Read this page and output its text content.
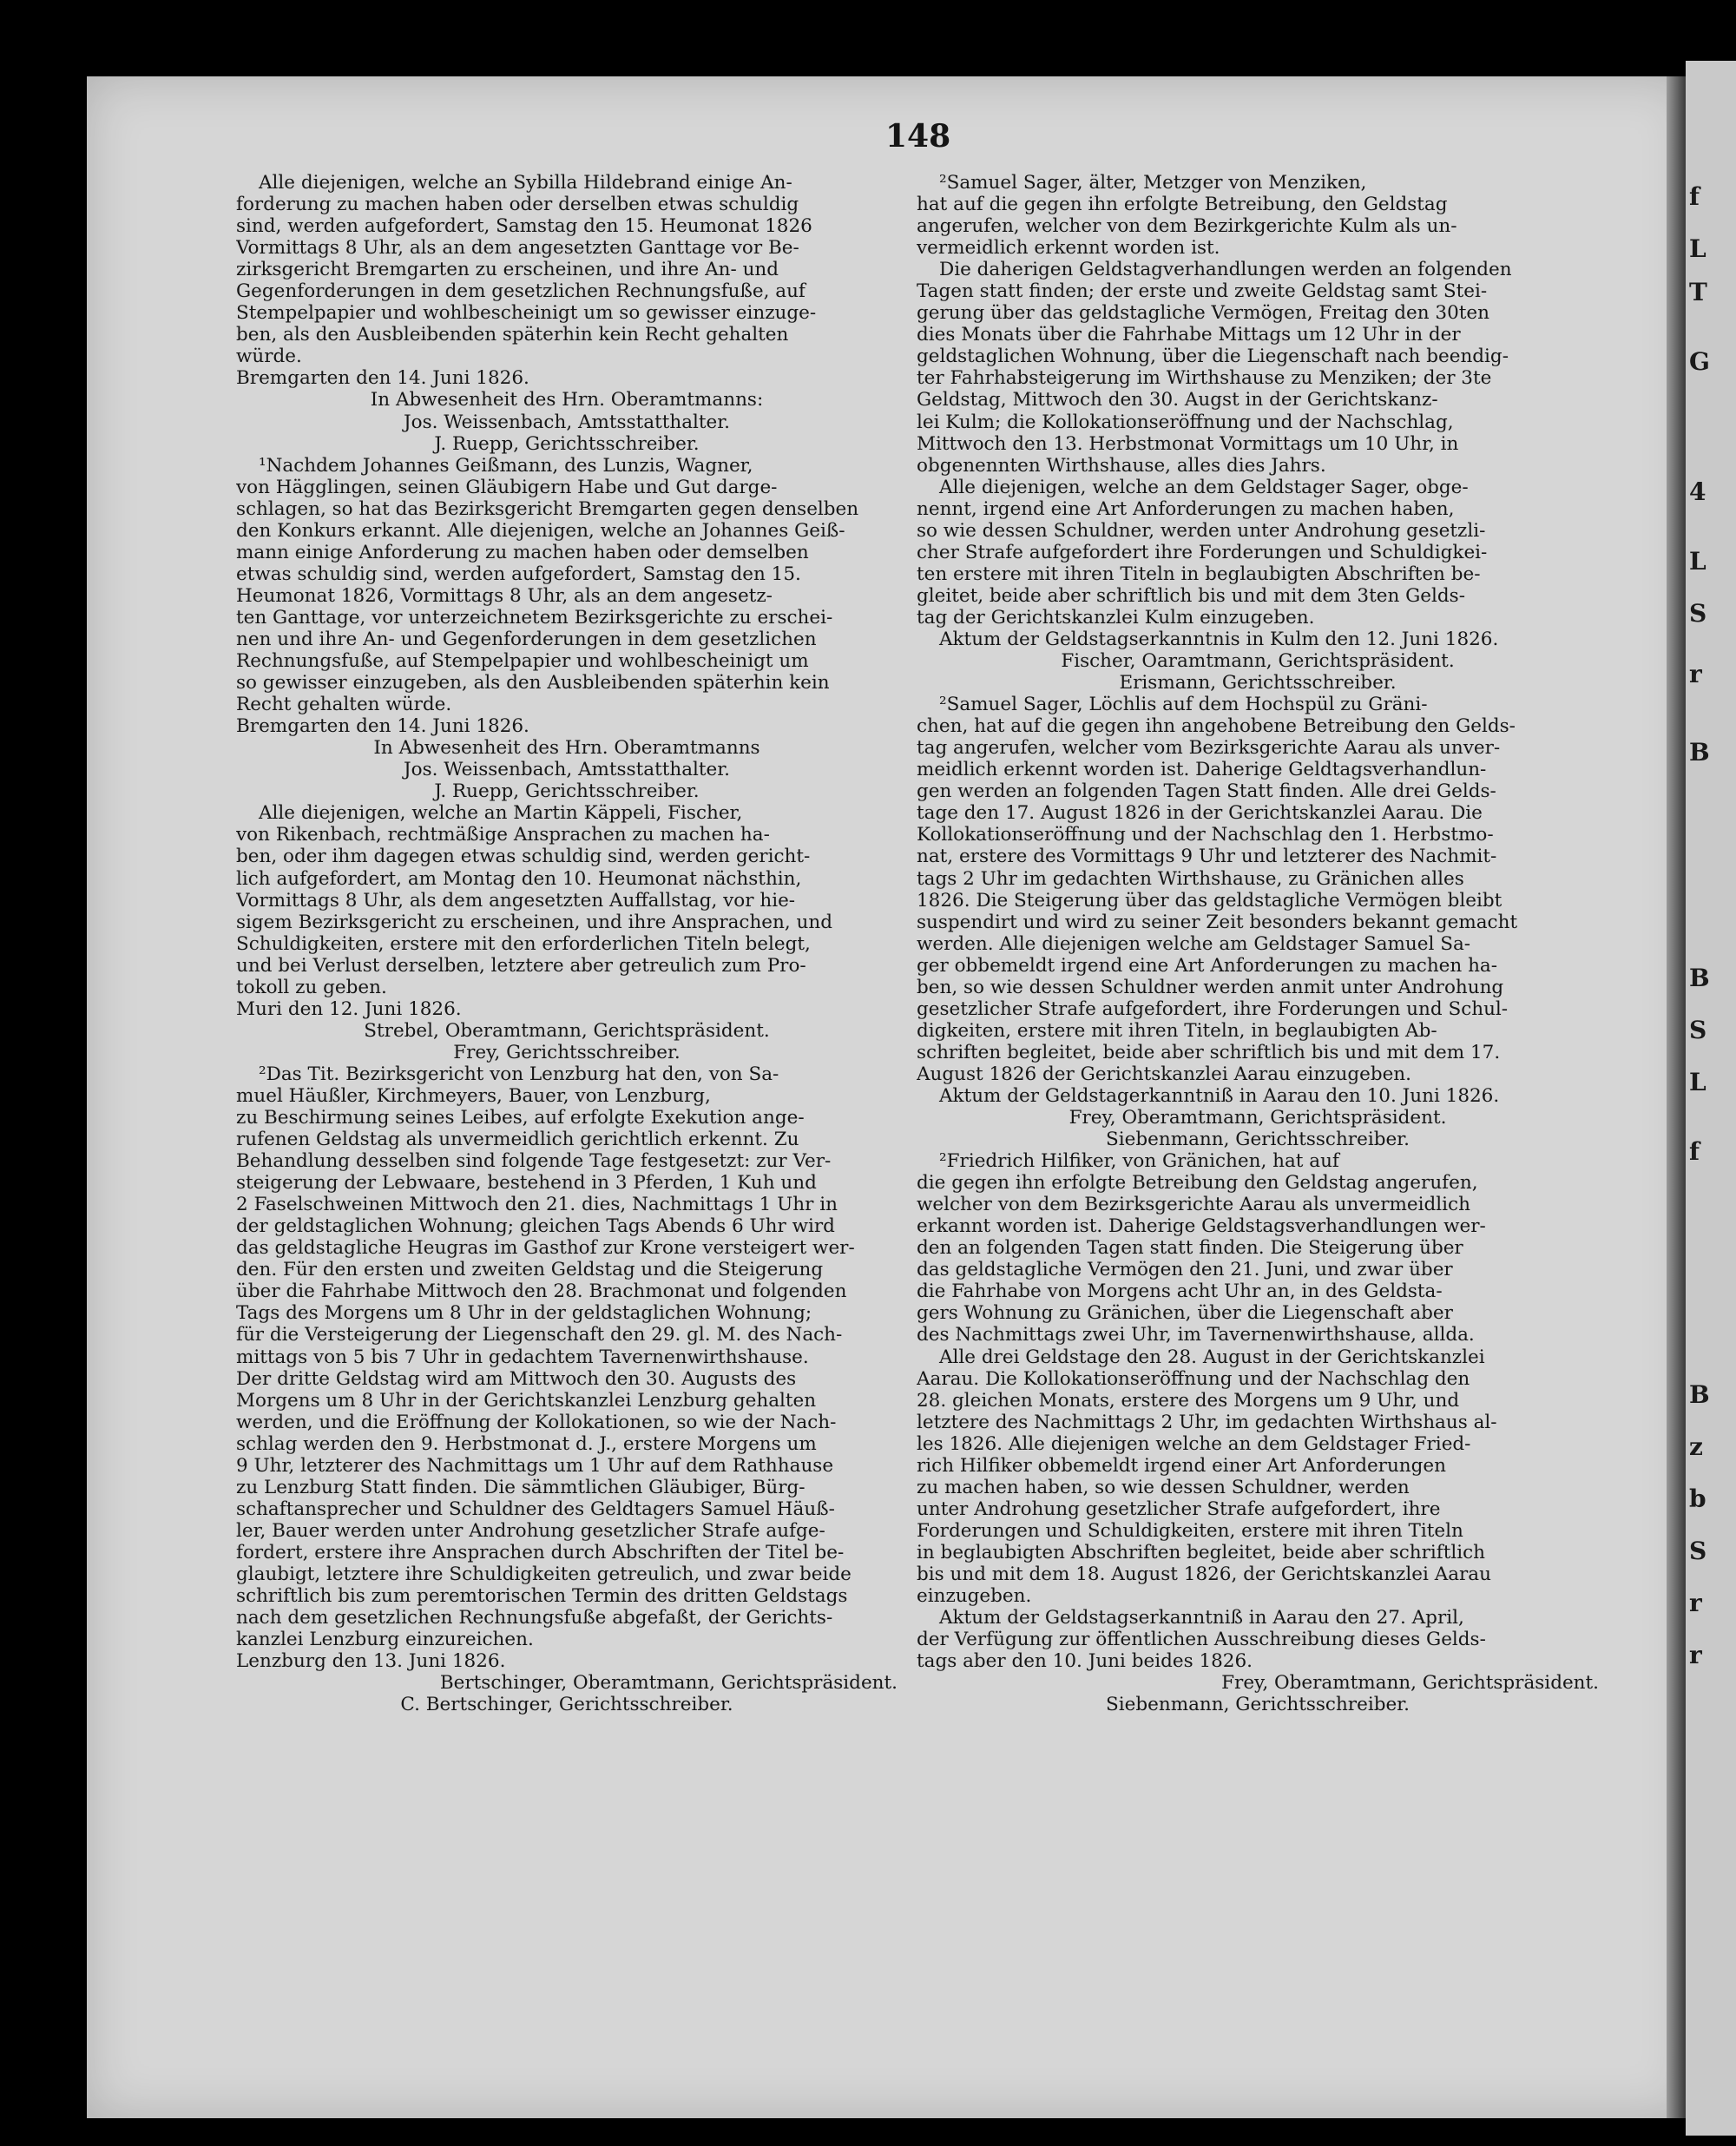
f
L
T
G
4
L
S
r
B
B
S
L
f
B
z
b
S
r
r
148
Alle diejenigen, welche an Sybilla Hildebrand einige An-
forderung zu machen haben oder derselben etwas schuldig
sind, werden aufgefordert, Samstag den 15. Heumonat 1826
Vormittags 8 Uhr, als an dem angesetzten Ganttage vor Be-
zirksgericht Bremgarten zu erscheinen, und ihre An- und
Gegenforderungen in dem gesetzlichen Rechnungsfuße, auf
Stempelpapier und wohlbescheinigt um so gewisser einzuge-
ben, als den Ausbleibenden späterhin kein Recht gehalten
würde.
Bremgarten den 14. Juni 1826.
In Abwesenheit des Hrn. Oberamtmanns:
Jos. Weissenbach, Amtsstatthalter.
J. Ruepp, Gerichtsschreiber.
¹Nachdem Johannes Geißmann, des Lunzis, Wagner,
von Hägglingen, seinen Gläubigern Habe und Gut darge-
schlagen, so hat das Bezirksgericht Bremgarten gegen denselben
den Konkurs erkannt. Alle diejenigen, welche an Johannes Geiß-
mann einige Anforderung zu machen haben oder demselben
etwas schuldig sind, werden aufgefordert, Samstag den 15.
Heumonat 1826, Vormittags 8 Uhr, als an dem angesetz-
ten Ganttage, vor unterzeichnetem Bezirksgerichte zu erschei-
nen und ihre An- und Gegenforderungen in dem gesetzlichen
Rechnungsfuße, auf Stempelpapier und wohlbescheinigt um
so gewisser einzugeben, als den Ausbleibenden späterhin kein
Recht gehalten würde.
Bremgarten den 14. Juni 1826.
In Abwesenheit des Hrn. Oberamtmanns
Jos. Weissenbach, Amtsstatthalter.
J. Ruepp, Gerichtsschreiber.
Alle diejenigen, welche an Martin Käppeli, Fischer,
von Rikenbach, rechtmäßige Ansprachen zu machen ha-
ben, oder ihm dagegen etwas schuldig sind, werden gericht-
lich aufgefordert, am Montag den 10. Heumonat nächsthin,
Vormittags 8 Uhr, als dem angesetzten Auffallstag, vor hie-
sigem Bezirksgericht zu erscheinen, und ihre Ansprachen, und
Schuldigkeiten, erstere mit den erforderlichen Titeln belegt,
und bei Verlust derselben, letztere aber getreulich zum Pro-
tokoll zu geben.
Muri den 12. Juni 1826.
Strebel, Oberamtmann, Gerichtspräsident.
Frey, Gerichtsschreiber.
²Das Tit. Bezirksgericht von Lenzburg hat den, von Sa-
muel Häußler, Kirchmeyers, Bauer, von Lenzburg,
zu Beschirmung seines Leibes, auf erfolgte Exekution ange-
rufenen Geldstag als unvermeidlich gerichtlich erkennt. Zu
Behandlung desselben sind folgende Tage festgesetzt: zur Ver-
steigerung der Lebwaare, bestehend in 3 Pferden, 1 Kuh und
2 Faselschweinen Mittwoch den 21. dies, Nachmittags 1 Uhr in
der geldstaglichen Wohnung; gleichen Tags Abends 6 Uhr wird
das geldstagliche Heugras im Gasthof zur Krone versteigert wer-
den. Für den ersten und zweiten Geldstag und die Steigerung
über die Fahrhabe Mittwoch den 28. Brachmonat und folgenden
Tags des Morgens um 8 Uhr in der geldstaglichen Wohnung;
für die Versteigerung der Liegenschaft den 29. gl. M. des Nach-
mittags von 5 bis 7 Uhr in gedachtem Tavernenwirthshause.
Der dritte Geldstag wird am Mittwoch den 30. Augusts des
Morgens um 8 Uhr in der Gerichtskanzlei Lenzburg gehalten
werden, und die Eröffnung der Kollokationen, so wie der Nach-
schlag werden den 9. Herbstmonat d. J., erstere Morgens um
9 Uhr, letzterer des Nachmittags um 1 Uhr auf dem Rathhause
zu Lenzburg Statt finden. Die sämmtlichen Gläubiger, Bürg-
schaftansprecher und Schuldner des Geldtagers Samuel Häuß-
ler, Bauer werden unter Androhung gesetzlicher Strafe aufge-
fordert, erstere ihre Ansprachen durch Abschriften der Titel be-
glaubigt, letztere ihre Schuldigkeiten getreulich, und zwar beide
schriftlich bis zum peremtorischen Termin des dritten Geldstags
nach dem gesetzlichen Rechnungsfuße abgefaßt, der Gerichts-
kanzlei Lenzburg einzureichen.
Lenzburg den 13. Juni 1826.
Bertschinger, Oberamtmann, Gerichtspräsident.
C. Bertschinger, Gerichtsschreiber.
²Samuel Sager, älter, Metzger von Menziken,
hat auf die gegen ihn erfolgte Betreibung, den Geldstag
angerufen, welcher von dem Bezirkgerichte Kulm als un-
vermeidlich erkennt worden ist.
Die daherigen Geldstagverhandlungen werden an folgenden
Tagen statt finden; der erste und zweite Geldstag samt Stei-
gerung über das geldstagliche Vermögen, Freitag den 30ten
dies Monats über die Fahrhabe Mittags um 12 Uhr in der
geldstaglichen Wohnung, über die Liegenschaft nach beendig-
ter Fahrhabsteigerung im Wirthshause zu Menziken; der 3te
Geldstag, Mittwoch den 30. Augst in der Gerichtskanz-
lei Kulm; die Kollokationseröffnung und der Nachschlag,
Mittwoch den 13. Herbstmonat Vormittags um 10 Uhr, in
obgenennten Wirthshause, alles dies Jahrs.
Alle diejenigen, welche an dem Geldstager Sager, obge-
nennt, irgend eine Art Anforderungen zu machen haben,
so wie dessen Schuldner, werden unter Androhung gesetzli-
cher Strafe aufgefordert ihre Forderungen und Schuldigkei-
ten erstere mit ihren Titeln in beglaubigten Abschriften be-
gleitet, beide aber schriftlich bis und mit dem 3ten Gelds-
tag der Gerichtskanzlei Kulm einzugeben.
Aktum der Geldstagserkanntnis in Kulm den 12. Juni 1826.
Fischer, Oaramtmann, Gerichtspräsident.
Erismann, Gerichtsschreiber.
²Samuel Sager, Löchlis auf dem Hochspül zu Gräni-
chen, hat auf die gegen ihn angehobene Betreibung den Gelds-
tag angerufen, welcher vom Bezirksgerichte Aarau als unver-
meidlich erkennt worden ist. Daherige Geldtagsverhandlun-
gen werden an folgenden Tagen Statt finden. Alle drei Gelds-
tage den 17. August 1826 in der Gerichtskanzlei Aarau. Die
Kollokationseröffnung und der Nachschlag den 1. Herbstmo-
nat, erstere des Vormittags 9 Uhr und letzterer des Nachmit-
tags 2 Uhr im gedachten Wirthshause, zu Gränichen alles
1826. Die Steigerung über das geldstagliche Vermögen bleibt
suspendirt und wird zu seiner Zeit besonders bekannt gemacht
werden. Alle diejenigen welche am Geldstager Samuel Sa-
ger obbemeldt irgend eine Art Anforderungen zu machen ha-
ben, so wie dessen Schuldner werden anmit unter Androhung
gesetzlicher Strafe aufgefordert, ihre Forderungen und Schul-
digkeiten, erstere mit ihren Titeln, in beglaubigten Ab-
schriften begleitet, beide aber schriftlich bis und mit dem 17.
August 1826 der Gerichtskanzlei Aarau einzugeben.
Aktum der Geldstagerkanntniß in Aarau den 10. Juni 1826.
Frey, Oberamtmann, Gerichtspräsident.
Siebenmann, Gerichtsschreiber.
²Friedrich Hilfiker, von Gränichen, hat auf
die gegen ihn erfolgte Betreibung den Geldstag angerufen,
welcher von dem Bezirksgerichte Aarau als unvermeidlich
erkannt worden ist. Daherige Geldstagsverhandlungen wer-
den an folgenden Tagen statt finden. Die Steigerung über
das geldstagliche Vermögen den 21. Juni, und zwar über
die Fahrhabe von Morgens acht Uhr an, in des Geldsta-
gers Wohnung zu Gränichen, über die Liegenschaft aber
des Nachmittags zwei Uhr, im Tavernenwirthshause, allda.
Alle drei Geldstage den 28. August in der Gerichtskanzlei
Aarau. Die Kollokationseröffnung und der Nachschlag den
28. gleichen Monats, erstere des Morgens um 9 Uhr, und
letztere des Nachmittags 2 Uhr, im gedachten Wirthshaus al-
les 1826. Alle diejenigen welche an dem Geldstager Fried-
rich Hilfiker obbemeldt irgend einer Art Anforderungen
zu machen haben, so wie dessen Schuldner, werden
unter Androhung gesetzlicher Strafe aufgefordert, ihre
Forderungen und Schuldigkeiten, erstere mit ihren Titeln
in beglaubigten Abschriften begleitet, beide aber schriftlich
bis und mit dem 18. August 1826, der Gerichtskanzlei Aarau
einzugeben.
Aktum der Geldstagserkanntniß in Aarau den 27. April,
der Verfügung zur öffentlichen Ausschreibung dieses Gelds-
tags aber den 10. Juni beides 1826.
Frey, Oberamtmann, Gerichtspräsident.
Siebenmann, Gerichtsschreiber.
